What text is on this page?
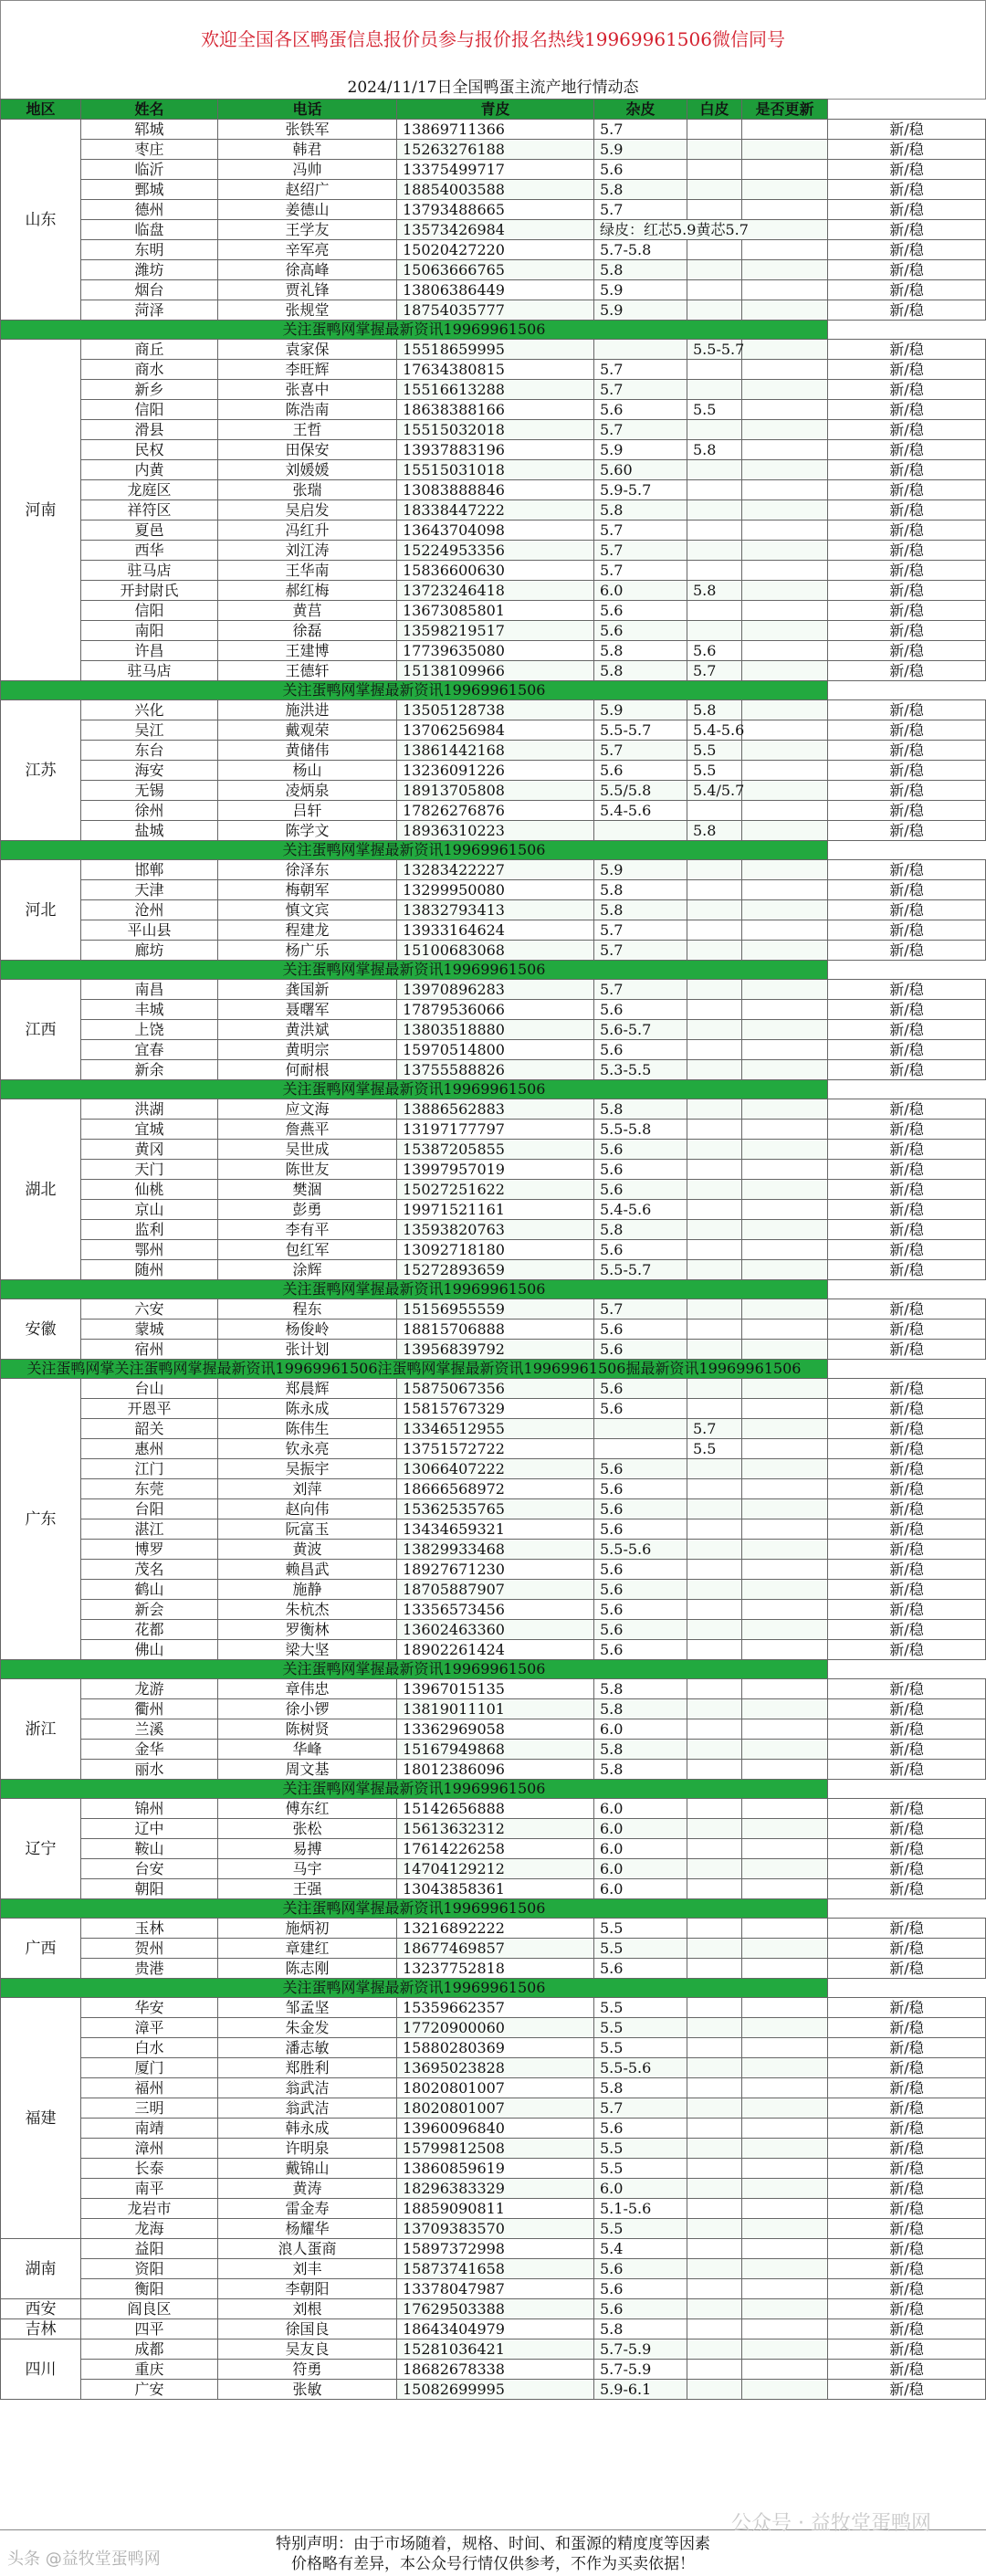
欢迎全国各区鸭蛋信息报价员参与报价报名热线19969961506微信同号
2024/11/17日全国鸭蛋主流产地行情动态
地区	姓名	电话	青皮	杂皮	白皮	是否更新	
山东	郓城	张铁军	13869711366	5.7			新/稳
	枣庄	韩君	15263276188	5.9			新/稳
	临沂	冯帅	13375499717	5.6			新/稳
	鄄城	赵绍广	18854003588	5.8			新/稳
	德州	姜德山	13793488665	5.7			新/稳
	临盘	王学友	13573426984	绿皮：红芯5.9黄芯5.7			新/稳
	东明	辛军亮	15020427220	5.7-5.8			新/稳
	潍坊	徐高峰	15063666765	5.8			新/稳
	烟台	贾礼锋	13806386449	5.9			新/稳
	菏泽	张规堂	18754035777	5.9			新/稳
关注蛋鸭网掌握最新资讯19969961506							
河南	商丘	袁家保	15518659995		5.5-5.7		新/稳
	商水	李旺辉	17634380815	5.7			新/稳
	新乡	张喜中	15516613288	5.7			新/稳
	信阳	陈浩南	18638388166	5.6	5.5		新/稳
	滑县	王哲	15515032018	5.7			新/稳
	民权	田保安	13937883196	5.9	5.8		新/稳
	内黄	刘媛媛	15515031018	5.60			新/稳
	龙庭区	张瑞	13083888846	5.9-5.7			新/稳
	祥符区	吴启发	18338447222	5.8			新/稳
	夏邑	冯红升	13643704098	5.7			新/稳
	西华	刘江涛	15224953356	5.7			新/稳
	驻马店	王华南	15836600630	5.7			新/稳
	开封尉氏	郝红梅	13723246418	6.0	5.8		新/稳
	信阳	黄莒	13673085801	5.6			新/稳
	南阳	徐磊	13598219517	5.6			新/稳
	许昌	王建博	17739635080	5.8	5.6		新/稳
	驻马店	王德轩	15138109966	5.8	5.7		新/稳
关注蛋鸭网掌握最新资讯19969961506							
江苏	兴化	施洪进	13505128738	5.9	5.8		新/稳
	吴江	戴观荣	13706256984	5.5-5.7	5.4-5.6		新/稳
	东台	黄储伟	13861442168	5.7	5.5		新/稳
	海安	杨山	13236091226	5.6	5.5		新/稳
	无锡	凌炳泉	18913705808	5.5/5.8	5.4/5.7		新/稳
	徐州	吕轩	17826276876	5.4-5.6			新/稳
	盐城	陈学文	18936310223		5.8		新/稳
关注蛋鸭网掌握最新资讯19969961506							
河北	邯郸	徐泽东	13283422227	5.9			新/稳
	天津	梅朝军	13299950080	5.8			新/稳
	沧州	慎文宾	13832793413	5.8			新/稳
	平山县	程建龙	13933164624	5.7			新/稳
	廊坊	杨广乐	15100683068	5.7			新/稳
关注蛋鸭网掌握最新资讯19969961506							
江西	南昌	龚国新	13970896283	5.7			新/稳
	丰城	聂曙军	17879536066	5.6			新/稳
	上饶	黄洪斌	13803518880	5.6-5.7			新/稳
	宜春	黄明宗	15970514800	5.6			新/稳
	新余	何耐根	13755588826	5.3-5.5			新/稳
关注蛋鸭网掌握最新资讯19969961506							
湖北	洪湖	应文海	13886562883	5.8			新/稳
	宜城	詹燕平	13197177797	5.5-5.8			新/稳
	黄冈	吴世成	15387205855	5.6			新/稳
	天门	陈世友	13997957019	5.6			新/稳
	仙桃	樊涸	15027251622	5.6			新/稳
	京山	彭勇	19971521161	5.4-5.6			新/稳
	监利	李有平	13593820763	5.8			新/稳
	鄂州	包红军	13092718180	5.6			新/稳
	随州	涂辉	15272893659	5.5-5.7			新/稳
关注蛋鸭网掌握最新资讯19969961506							
安徽	六安	程东	15156955559	5.7			新/稳
	蒙城	杨俊岭	18815706888	5.6			新/稳
	宿州	张计划	13956839792	5.6			新/稳
关注蛋鸭网掌关注蛋鸭网掌握最新资讯19969961506注蛋鸭网掌握最新资讯19969961506掘最新资讯19969961506							
广东	台山	郑晨辉	15875067356	5.6			新/稳
	开恩平	陈永成	15815767329	5.6			新/稳
	韶关	陈伟生	13346512955		5.7		新/稳
	惠州	钦永亮	13751572722		5.5		新/稳
	江门	吴振宇	13066407222	5.6			新/稳
	东莞	刘萍	18666568972	5.6			新/稳
	台阳	赵向伟	15362535765	5.6			新/稳
	湛江	阮富玉	13434659321	5.6			新/稳
	博罗	黄波	13829933468	5.5-5.6			新/稳
	茂名	赖昌武	18927671230	5.6			新/稳
	鹤山	施静	18705887907	5.6			新/稳
	新会	朱杭杰	13356573456	5.6			新/稳
	花都	罗衡林	13602463360	5.6			新/稳
	佛山	梁大坚	18902261424	5.6			新/稳
关注蛋鸭网掌握最新资讯19969961506							
浙江	龙游	章伟忠	13967015135	5.8			新/稳
	衢州	徐小锣	13819011101	5.8			新/稳
	兰溪	陈树贤	13362969058	6.0			新/稳
	金华	华峰	15167949868	5.8			新/稳
	丽水	周文基	18012386096	5.8			新/稳
关注蛋鸭网掌握最新资讯19969961506							
辽宁	锦州	傅东红	15142656888	6.0			新/稳
	辽中	张松	15613632312	6.0			新/稳
	鞍山	易搏	17614226258	6.0			新/稳
	台安	马宇	14704129212	6.0			新/稳
	朝阳	王强	13043858361	6.0			新/稳
关注蛋鸭网掌握最新资讯19969961506							
广西	玉林	施炳初	13216892222	5.5			新/稳
	贺州	章建红	18677469857	5.5			新/稳
	贵港	陈志刚	13237752818	5.6			新/稳
关注蛋鸭网掌握最新资讯19969961506							
福建	华安	邹孟坚	15359662357	5.5			新/稳
	漳平	朱金发	17720900060	5.5			新/稳
	白水	潘志敏	15880280369	5.5			新/稳
	厦门	郑胜利	13695023828	5.5-5.6			新/稳
	福州	翁武洁	18020801007	5.8			新/稳
	三明	翁武洁	18020801007	5.7			新/稳
	南靖	韩永成	13960096840	5.6			新/稳
	漳州	许明泉	15799812508	5.5			新/稳
	长泰	戴锦山	13860859619	5.5			新/稳
	南平	黄涛	18296383329	6.0			新/稳
	龙岩市	雷金寿	18859090811	5.1-5.6			新/稳
	龙海	杨耀华	13709383570	5.5			新/稳
湖南	益阳	浪人蛋商	15897372998	5.4			新/稳
	资阳	刘丰	15873741658	5.6			新/稳
	衡阳	李朝阳	13378047987	5.6			新/稳
西安	阎良区	刘根	17629503388	5.6			新/稳
吉林	四平	徐国良	18643404979	5.8			新/稳
四川	成都	吴友良	15281036421	5.7-5.9			新/稳
	重庆	符勇	18682678338	5.7-5.9			新/稳
	广安	张敏	15082699995	5.9-6.1			新/稳
特别声明：由于市场随着，规格、时间、和蛋源的精度度等因素
价格略有差异，本公众号行情仅供参考，不作为买卖依据！
公众号 · 益牧堂蛋鸭网
头条 @益牧堂蛋鸭网
